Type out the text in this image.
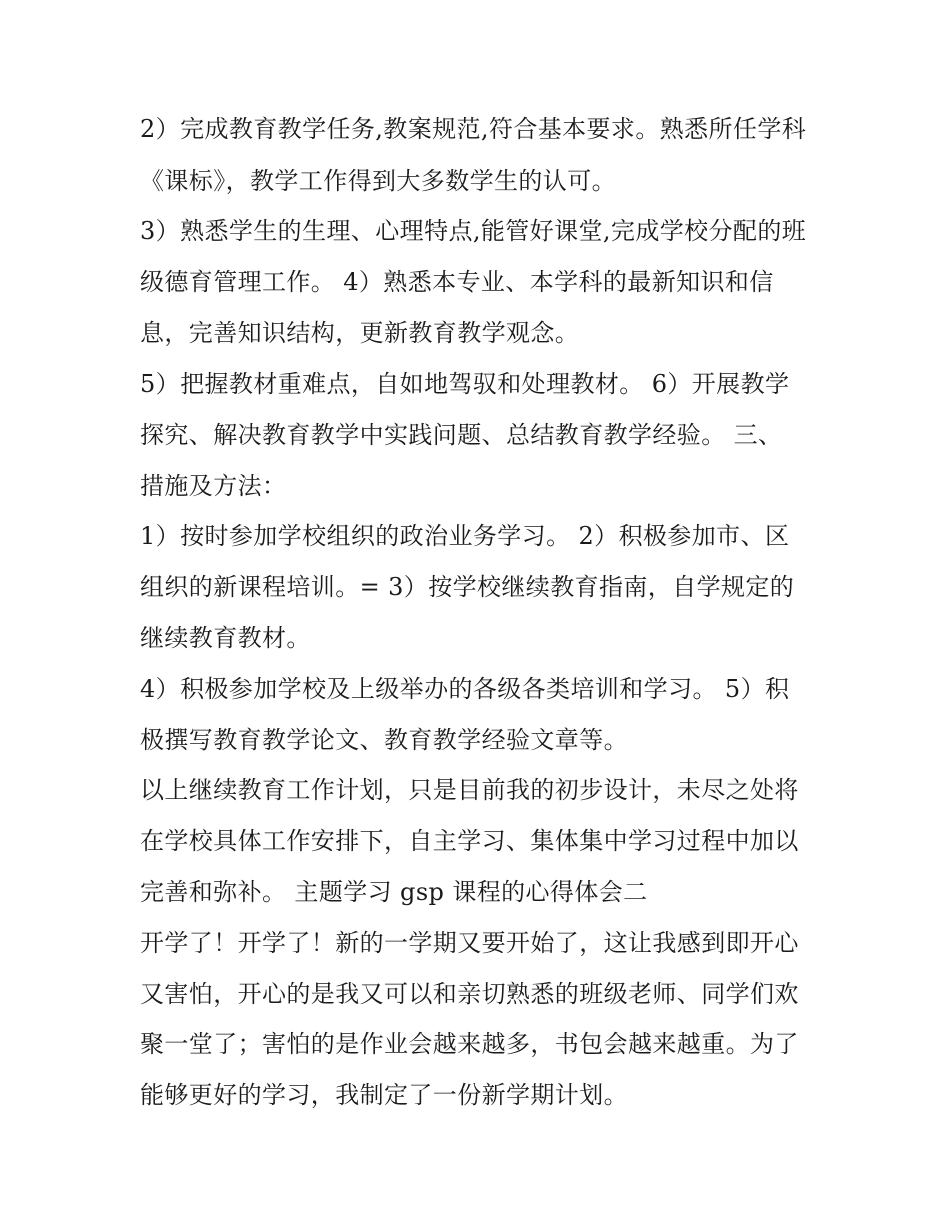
2）完成教育教学任务,教案规范,符合基本要求。熟悉所任学科

《课标》，教学工作得到大多数学生的认可。

3）熟悉学生的生理、心理特点,能管好课堂,完成学校分配的班

级德育管理工作。 4）熟悉本专业、本学科的最新知识和信

息，完善知识结构，更新教育教学观念。

5）把握教材重难点，自如地驾驭和处理教材。 6）开展教学

探究、解决教育教学中实践问题、总结教育教学经验。 三、

措施及方法：

1）按时参加学校组织的政治业务学习。 2）积极参加市、区

组织的新课程培训。= 3）按学校继续教育指南，自学规定的

继续教育教材。

4）积极参加学校及上级举办的各级各类培训和学习。 5）积

极撰写教育教学论文、教育教学经验文章等。

以上继续教育工作计划，只是目前我的初步设计，未尽之处将

在学校具体工作安排下，自主学习、集体集中学习过程中加以

完善和弥补。 主题学习 gsp 课程的心得体会二

开学了！开学了！新的一学期又要开始了，这让我感到即开心

又害怕，开心的是我又可以和亲切熟悉的班级老师、同学们欢

聚一堂了；害怕的是作业会越来越多，书包会越来越重。为了

能够更好的学习，我制定了一份新学期计划。
